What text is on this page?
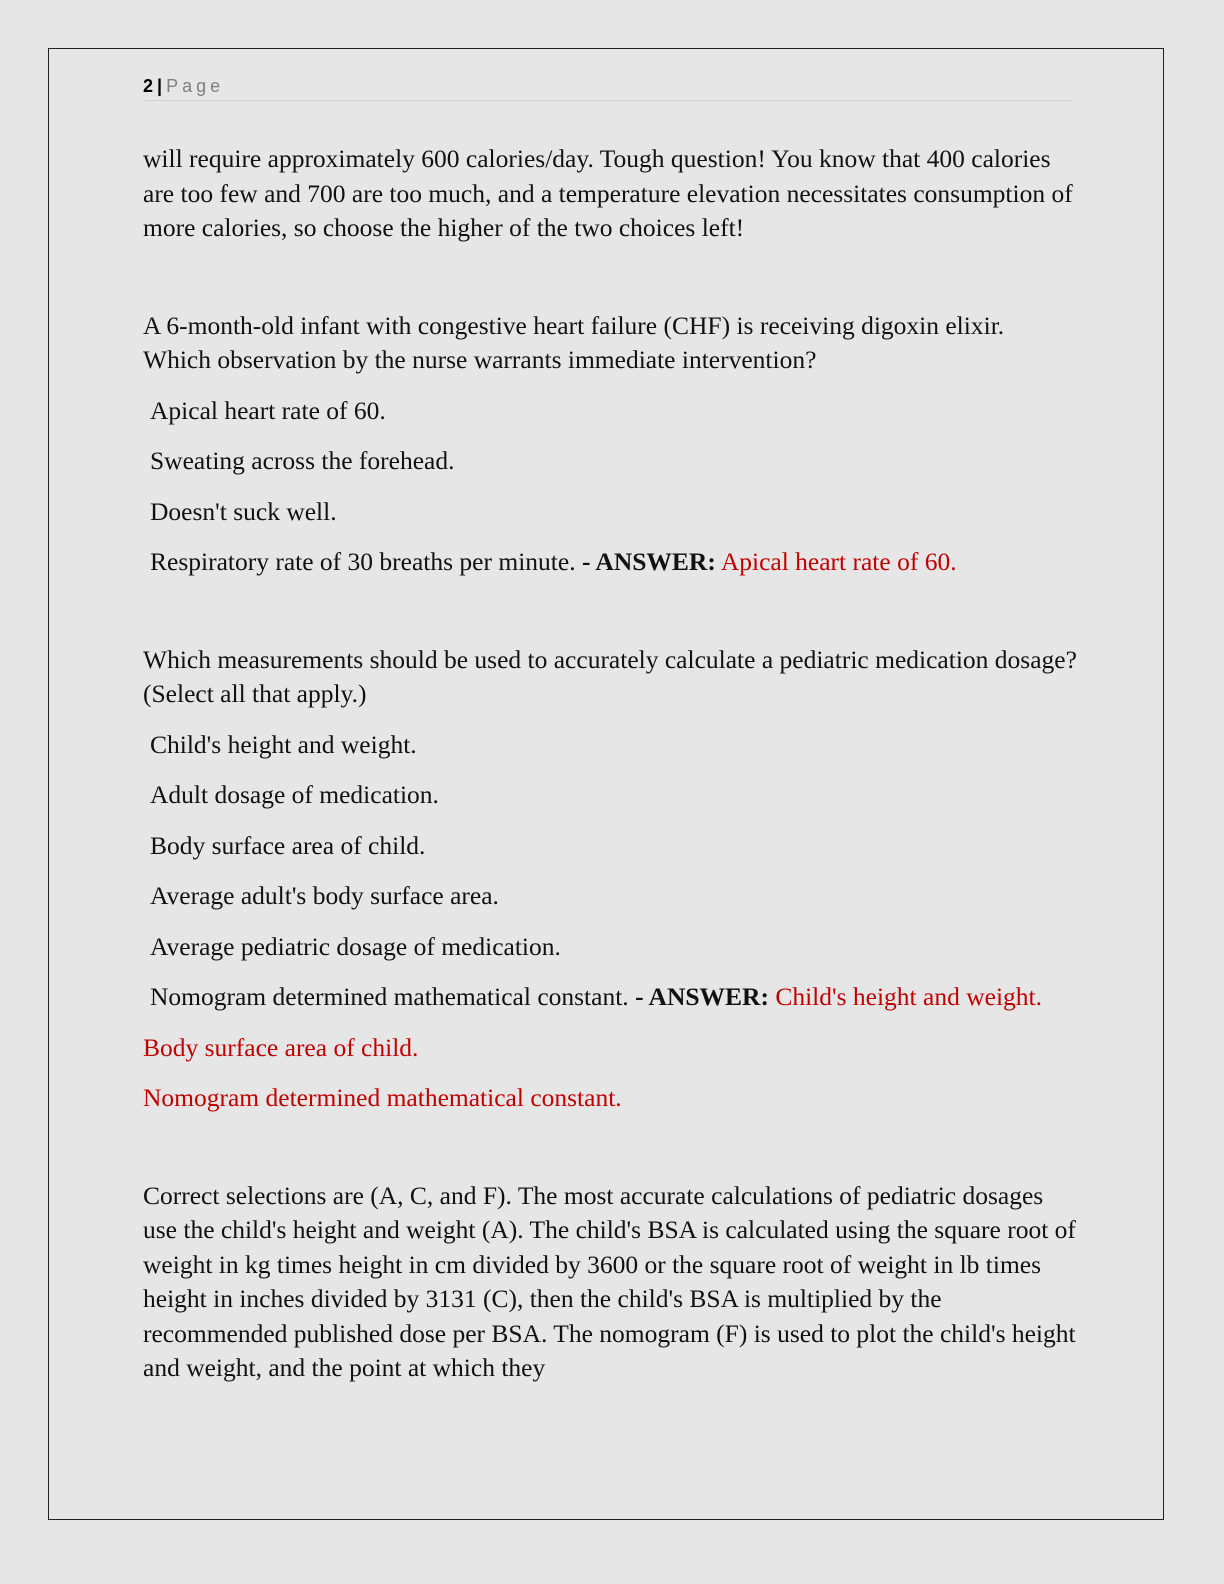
2 | Page

will require approximately 600 calories/day. Tough question! You know that 400 calories are too few and 700 are too much, and a temperature elevation necessitates consumption of more calories, so choose the higher of the two choices left!

A 6-month-old infant with congestive heart failure (CHF) is receiving digoxin elixir. Which observation by the nurse warrants immediate intervention?

Apical heart rate of 60.

Sweating across the forehead.

Doesn't suck well.

Respiratory rate of 30 breaths per minute. - ANSWER: Apical heart rate of 60.

Which measurements should be used to accurately calculate a pediatric medication dosage? (Select all that apply.)

Child's height and weight.

Adult dosage of medication.

Body surface area of child.

Average adult's body surface area.

Average pediatric dosage of medication.

Nomogram determined mathematical constant. - ANSWER: Child's height and weight.

Body surface area of child.

Nomogram determined mathematical constant.

Correct selections are (A, C, and F). The most accurate calculations of pediatric dosages use the child's height and weight (A). The child's BSA is calculated using the square root of weight in kg times height in cm divided by 3600 or the square root of weight in lb times height in inches divided by 3131 (C), then the child's BSA is multiplied by the recommended published dose per BSA. The nomogram (F) is used to plot the child's height and weight, and the point at which they
